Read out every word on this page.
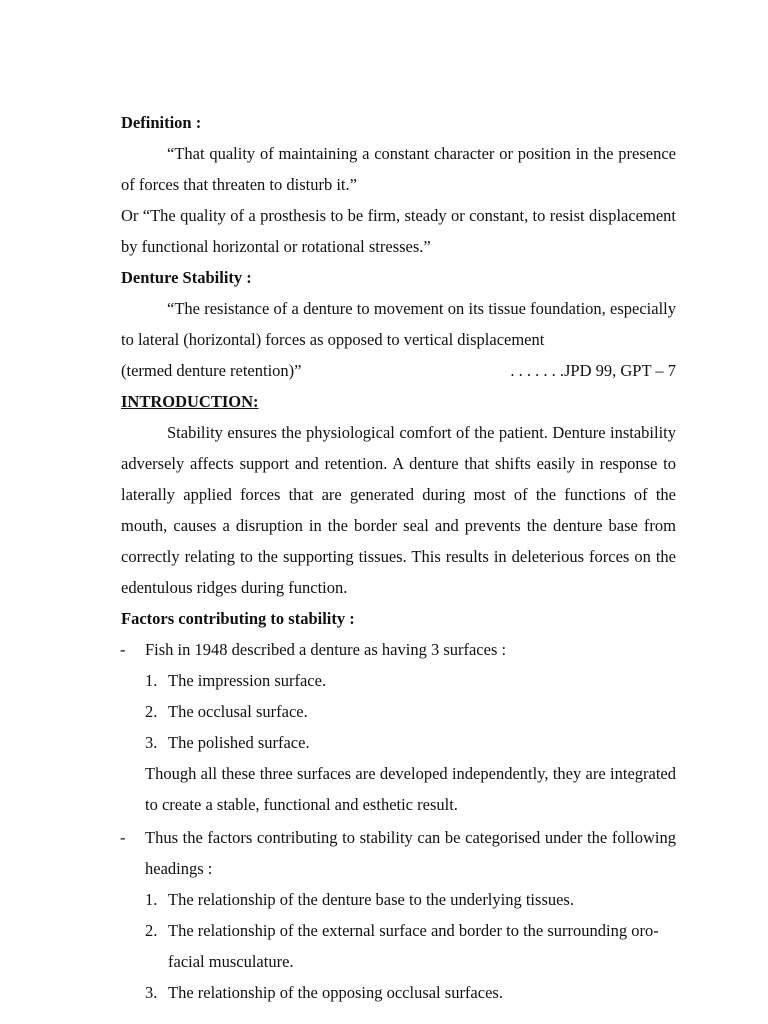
Definition :

“That quality of maintaining a constant character or position in the presence of forces that threaten to disturb it.”

Or “The quality of a prosthesis to be firm, steady or constant, to resist displacement by functional horizontal or rotational stresses.”

Denture Stability :

“The resistance of a denture to movement on its tissue foundation, especially to lateral (horizontal) forces as opposed to vertical displacement

(termed denture retention)”	. . . . . . .JPD 99, GPT – 7

INTRODUCTION:

Stability ensures the physiological comfort of the patient. Denture instability adversely affects support and retention. A denture that shifts easily in response to laterally applied forces that are generated during most of the functions of the mouth, causes a disruption in the border seal and prevents the denture base from correctly relating to the supporting tissues. This results in deleterious forces on the edentulous ridges during function.

Factors contributing to stability :

- Fish in 1948 described a denture as having 3 surfaces :
1. The impression surface.
2. The occlusal surface.
3. The polished surface.

Though all these three surfaces are developed independently, they are integrated to create a stable, functional and esthetic result.

- Thus the factors contributing to stability can be categorised under the following headings :
1. The relationship of the denture base to the underlying tissues.
2. The relationship of the external surface and border to the surrounding oro-facial musculature.
3. The relationship of the opposing occlusal surfaces.
